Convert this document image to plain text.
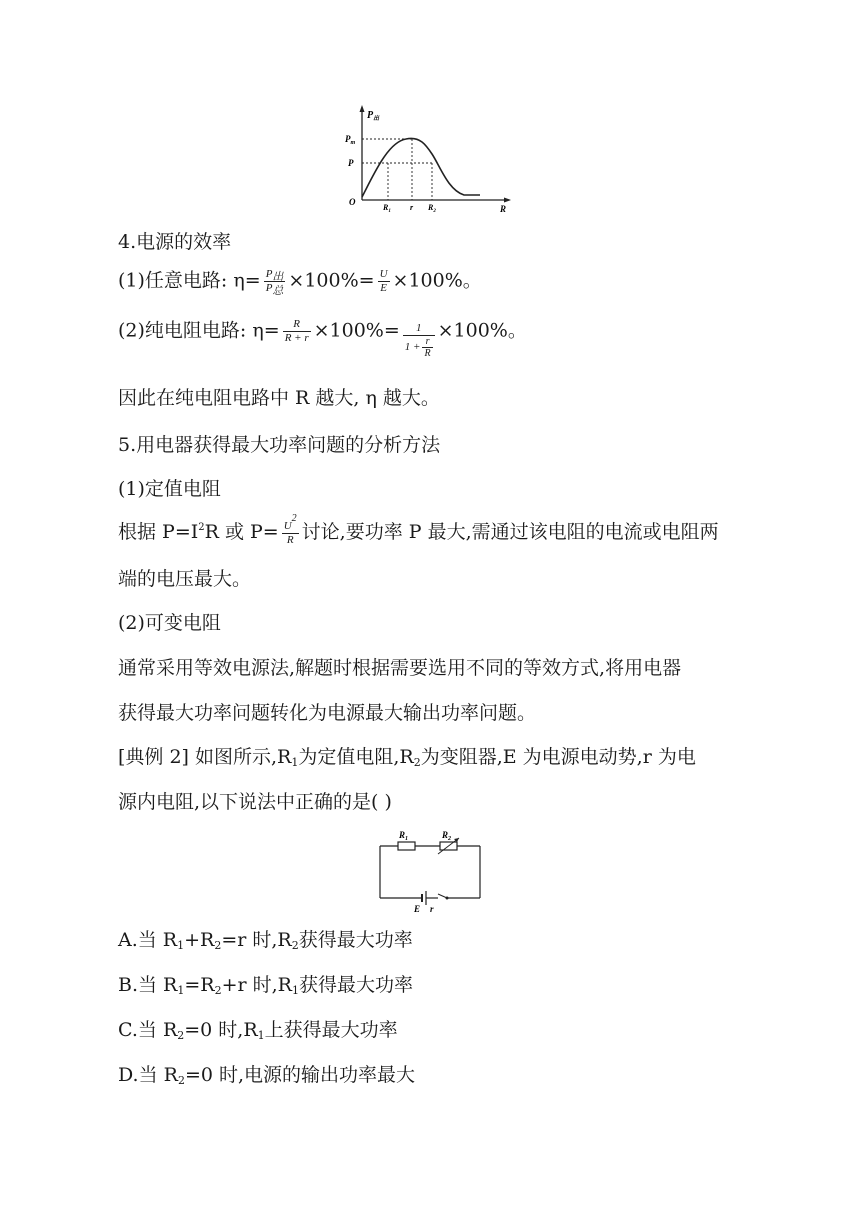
$P_出$
$P_m$
P
O
$R_1$ r $R_2$	R
4.电源的效率
(1)任意电路: $\eta= \frac{P_出}{P_总} \times 100\%= \frac{U}{E} \times 100\%$。
(2)纯电阻电路: $\eta= \frac{R}{R + r} \times 100\%= \frac{1}{1 + \frac{r}{R}} \times 100\%$。
因此在纯电阻电路中 R 越大, η 越大。
5.用电器获得最大功率问题的分析方法
(1)定值电阻
根据 $P=I^2R$ 或 $P= \frac{U^2}{R}$ 讨论,要功率 P 最大,需通过该电阻的电流或电阻两
端的电压最大。
(2)可变电阻
通常采用等效电源法,解题时根据需要选用不同的等效方式,将用电器
获得最大功率问题转化为电源最大输出功率问题。
[典例 2] 如图所示$,R_1$为定值电阻$,R_2$为变阻器,E 为电源电动势,r 为电
源内电阻,以下说法中正确的是( )
$R_1$	$R_2$
E r
A.当 $R_1+R_2=r$ 时$,R_2$获得最大功率
B.当 $R_1=R_2+r$ 时$,R_1$获得最大功率
C.当 $R_2=0$ 时$,R_1$上获得最大功率
D.当 $R_2=0$ 时,电源的输出功率最大
